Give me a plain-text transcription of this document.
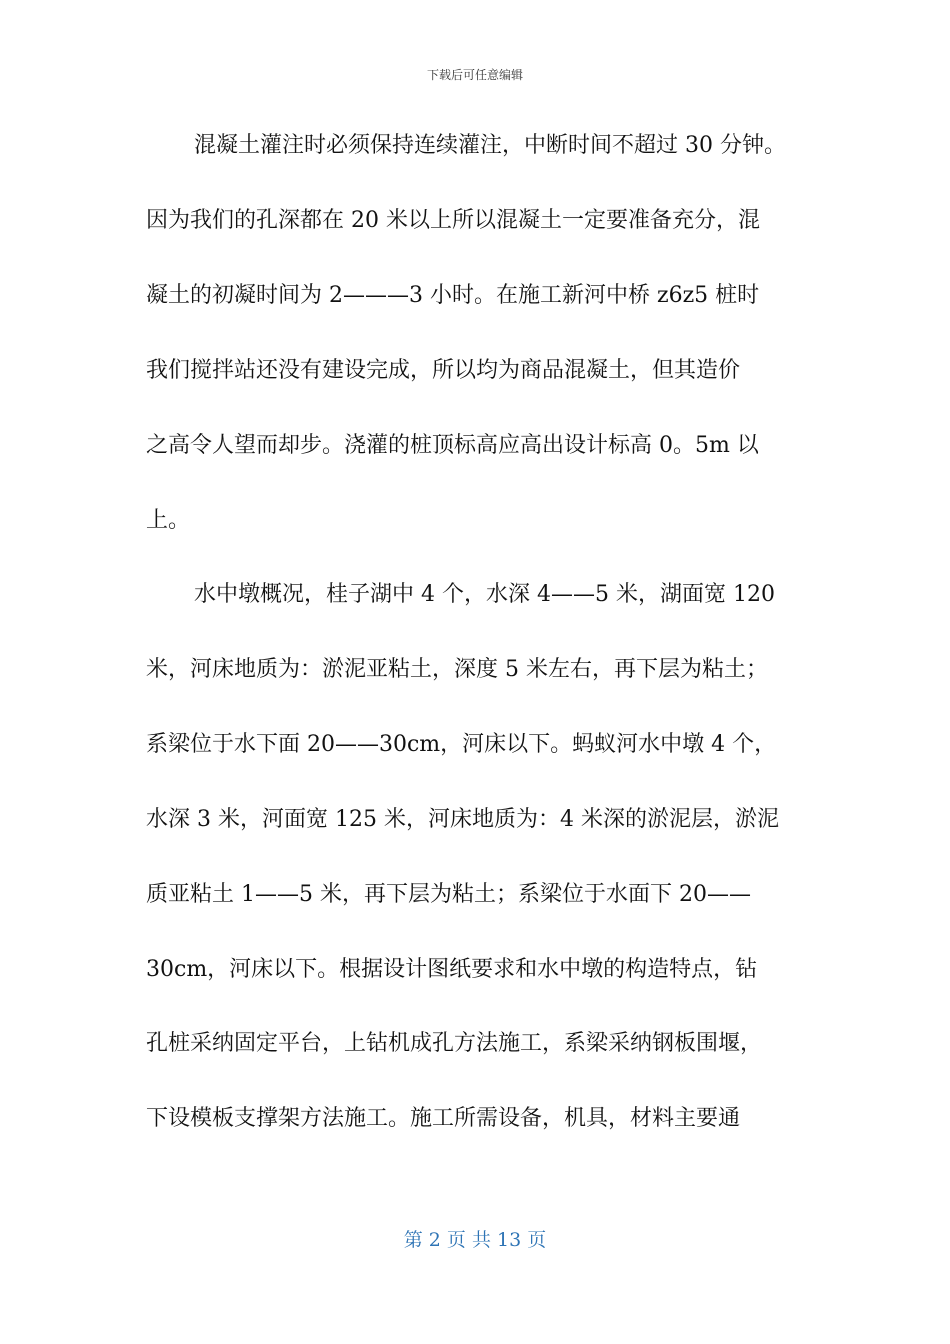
下载后可任意编辑
混凝土灌注时必须保持连续灌注，中断时间不超过 30 分钟。
因为我们的孔深都在 20 米以上所以混凝土一定要准备充分，混
凝土的初凝时间为 2———3 小时。在施工新河中桥 z6z5 桩时
我们搅拌站还没有建设完成，所以均为商品混凝土，但其造价
之高令人望而却步。浇灌的桩顶标高应高出设计标高 0。5m 以
上。
水中墩概况，桂子湖中 4 个，水深 4——5 米，湖面宽 120
米，河床地质为：淤泥亚粘土，深度 5 米左右，再下层为粘土；
系梁位于水下面 20——30cm，河床以下。蚂蚁河水中墩 4 个，
水深 3 米，河面宽 125 米，河床地质为：4 米深的淤泥层，淤泥
质亚粘土 1——5 米，再下层为粘土；系梁位于水面下 20——
30cm，河床以下。根据设计图纸要求和水中墩的构造特点，钻
孔桩采纳固定平台，上钻机成孔方法施工，系梁采纳钢板围堰，
下设模板支撑架方法施工。施工所需设备，机具，材料主要通
第 2 页 共 13 页
